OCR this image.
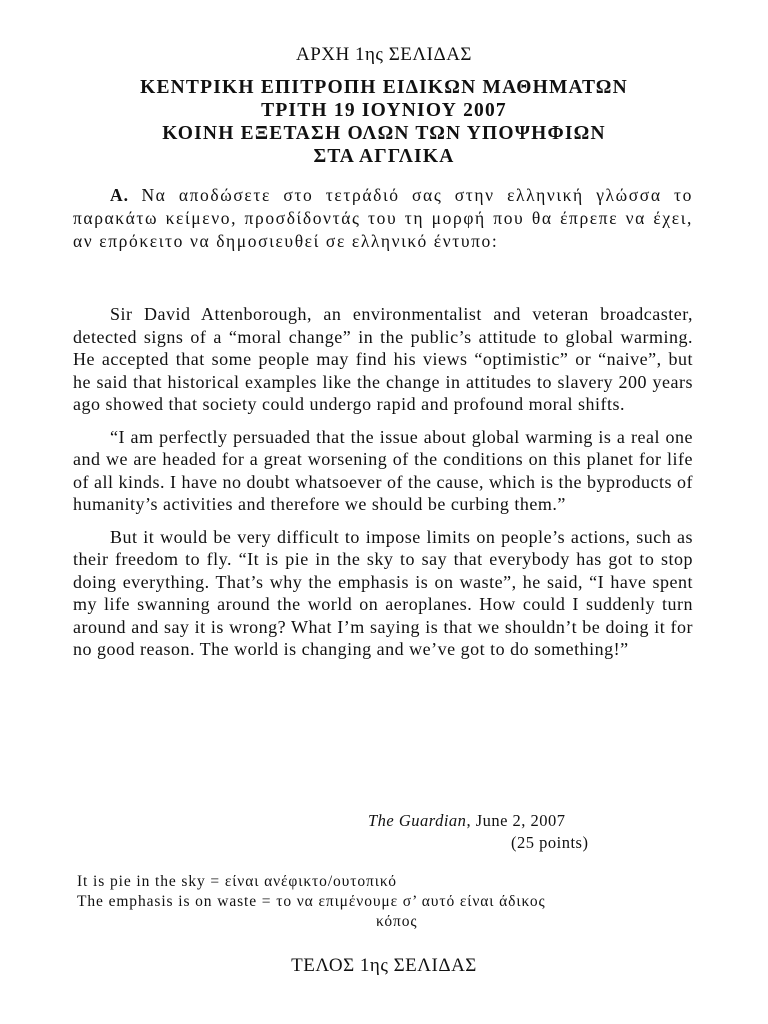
ΑΡΧΗ 1ης ΣΕΛΙΔΑΣ
ΚΕΝΤΡΙΚΗ ΕΠΙΤΡΟΠΗ ΕΙΔΙΚΩΝ ΜΑΘΗΜΑΤΩΝ
ΤΡΙΤΗ 19 ΙΟΥΝΙΟΥ 2007
ΚΟΙΝΗ ΕΞΕΤΑΣΗ ΟΛΩΝ ΤΩΝ ΥΠΟΨΗΦΙΩΝ
ΣΤΑ ΑΓΓΛΙΚΑ
Α. Να αποδώσετε στο τετράδιό σας στην ελληνική γλώσσα το παρακάτω κείμενο, προσδίδοντάς του τη μορφή που θα έπρεπε να έχει, αν επρόκειτο να δημοσιευθεί σε ελληνικό έντυπο:

Sir David Attenborough, an environmentalist and veteran broadcaster, detected signs of a “moral change” in the public’s attitude to global warming. He accepted that some people may find his views “optimistic” or “naive”, but he said that historical examples like the change in attitudes to slavery 200 years ago showed that society could undergo rapid and profound moral shifts.

“I am perfectly persuaded that the issue about global warming is a real one and we are headed for a great worsening of the conditions on this planet for life of all kinds. I have no doubt whatsoever of the cause, which is the byproducts of humanity’s activities and therefore we should be curbing them.”

But it would be very difficult to impose limits on people’s actions, such as their freedom to fly. “It is pie in the sky to say that everybody has got to stop doing everything. That’s why the emphasis is on waste”, he said, “I have spent my life swanning around the world on aeroplanes. How could I suddenly turn around and say it is wrong? What I’m saying is that we shouldn’t be doing it for no good reason. The world is changing and we’ve got to do something!”

The Guardian, June 2, 2007
(25 points)
It is pie in the sky = είναι ανέφικτο/ουτοπικό
The emphasis is on waste = το να επιμένουμε σ’ αυτό είναι άδικος
κόπος
ΤΕΛΟΣ 1ης ΣΕΛΙΔΑΣ
